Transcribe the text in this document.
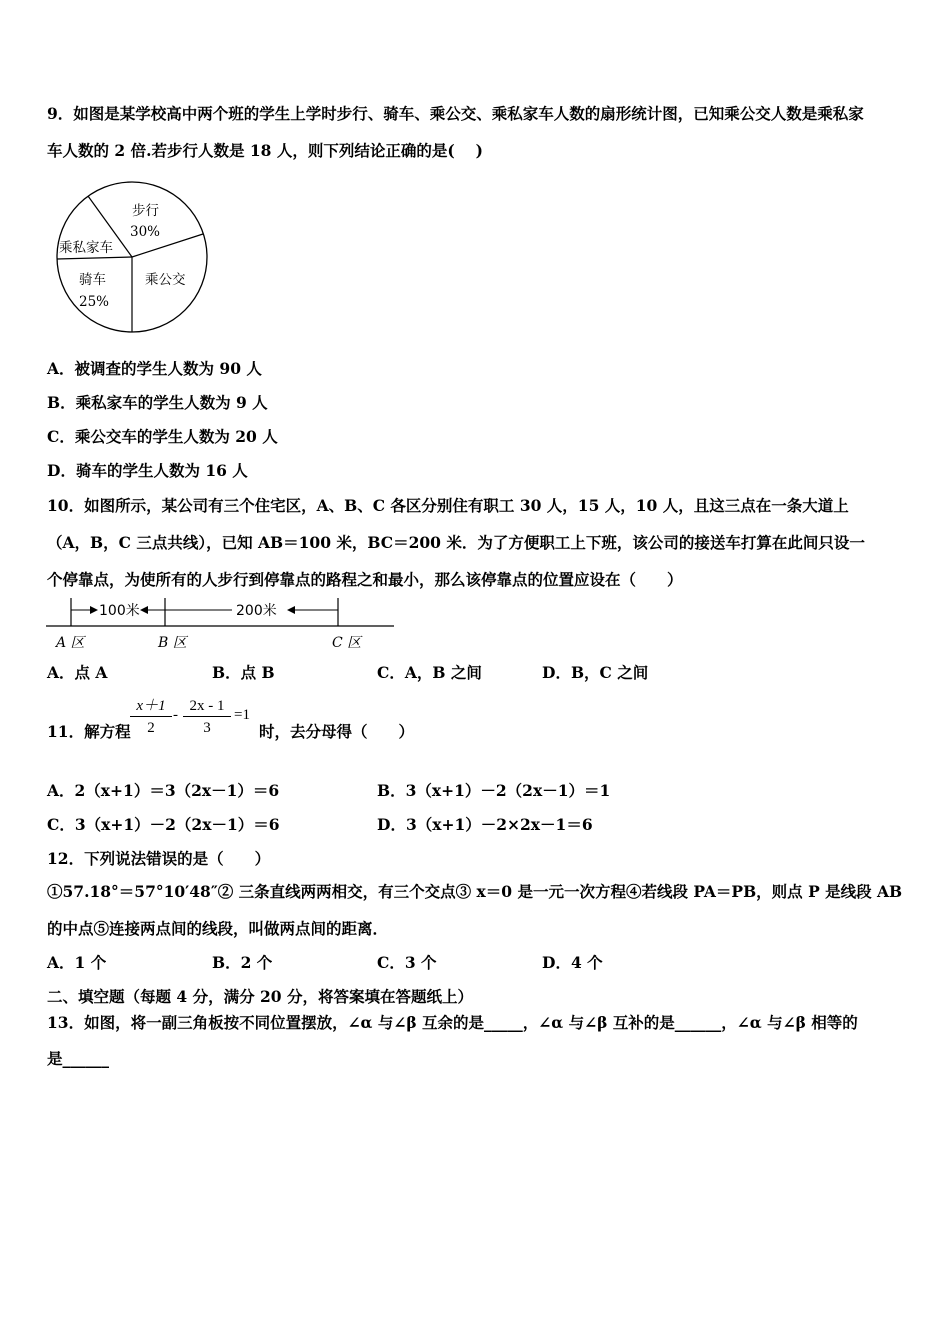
9．如图是某学校高中两个班的学生上学时步行、骑车、乘公交、乘私家车人数的扇形统计图，已知乘公交人数是乘私家
车人数的 2 倍.若步行人数是 18 人，则下列结论正确的是(　 )
步行
30%
乘私家车
骑车
25%
乘公交
A．被调查的学生人数为 90 人
B．乘私家车的学生人数为 9 人
C．乘公交车的学生人数为 20 人
D．骑车的学生人数为 16 人
10．如图所示，某公司有三个住宅区，A、B、C 各区分别住有职工 30 人，15 人，10 人，且这三点在一条大道上
（A，B，C 三点共线），已知 AB＝100 米，BC＝200 米．为了方便职工上下班，该公司的接送车打算在此间只设一
个停靠点，为使所有的人步行到停靠点的路程之和最小，那么该停靠点的位置应设在（　　）
100米	200米
A 区	B 区	C 区
A．点 A	B．点 B	C．A，B 之间	D．B，C 之间
11．解方程 $\frac{x+1}{2} - \frac{2x - 1}{3} =1$
时，去分母得（　　）
A．2（x+1）＝3（2x－1）＝6	B．3（x+1）－2（2x－1）＝1
C．3（x+1）－2（2x－1）＝6	D．3（x+1）－2×2x－1＝6
12．下列说法错误的是（　　）
①57.18°＝57°10′48″② 三条直线两两相交，有三个交点③ x＝0 是一元一次方程④若线段 PA＝PB，则点 P 是线段 AB
的中点⑤连接两点间的线段，叫做两点间的距离．
A．1 个	B．2 个	C．3 个	D．4 个
二、填空题（每题 4 分，满分 20 分，将答案填在答题纸上）
13．如图，将一副三角板按不同位置摆放，∠α 与∠β 互余的是_____，∠α 与∠β 互补的是______，∠α 与∠β 相等的
是______
